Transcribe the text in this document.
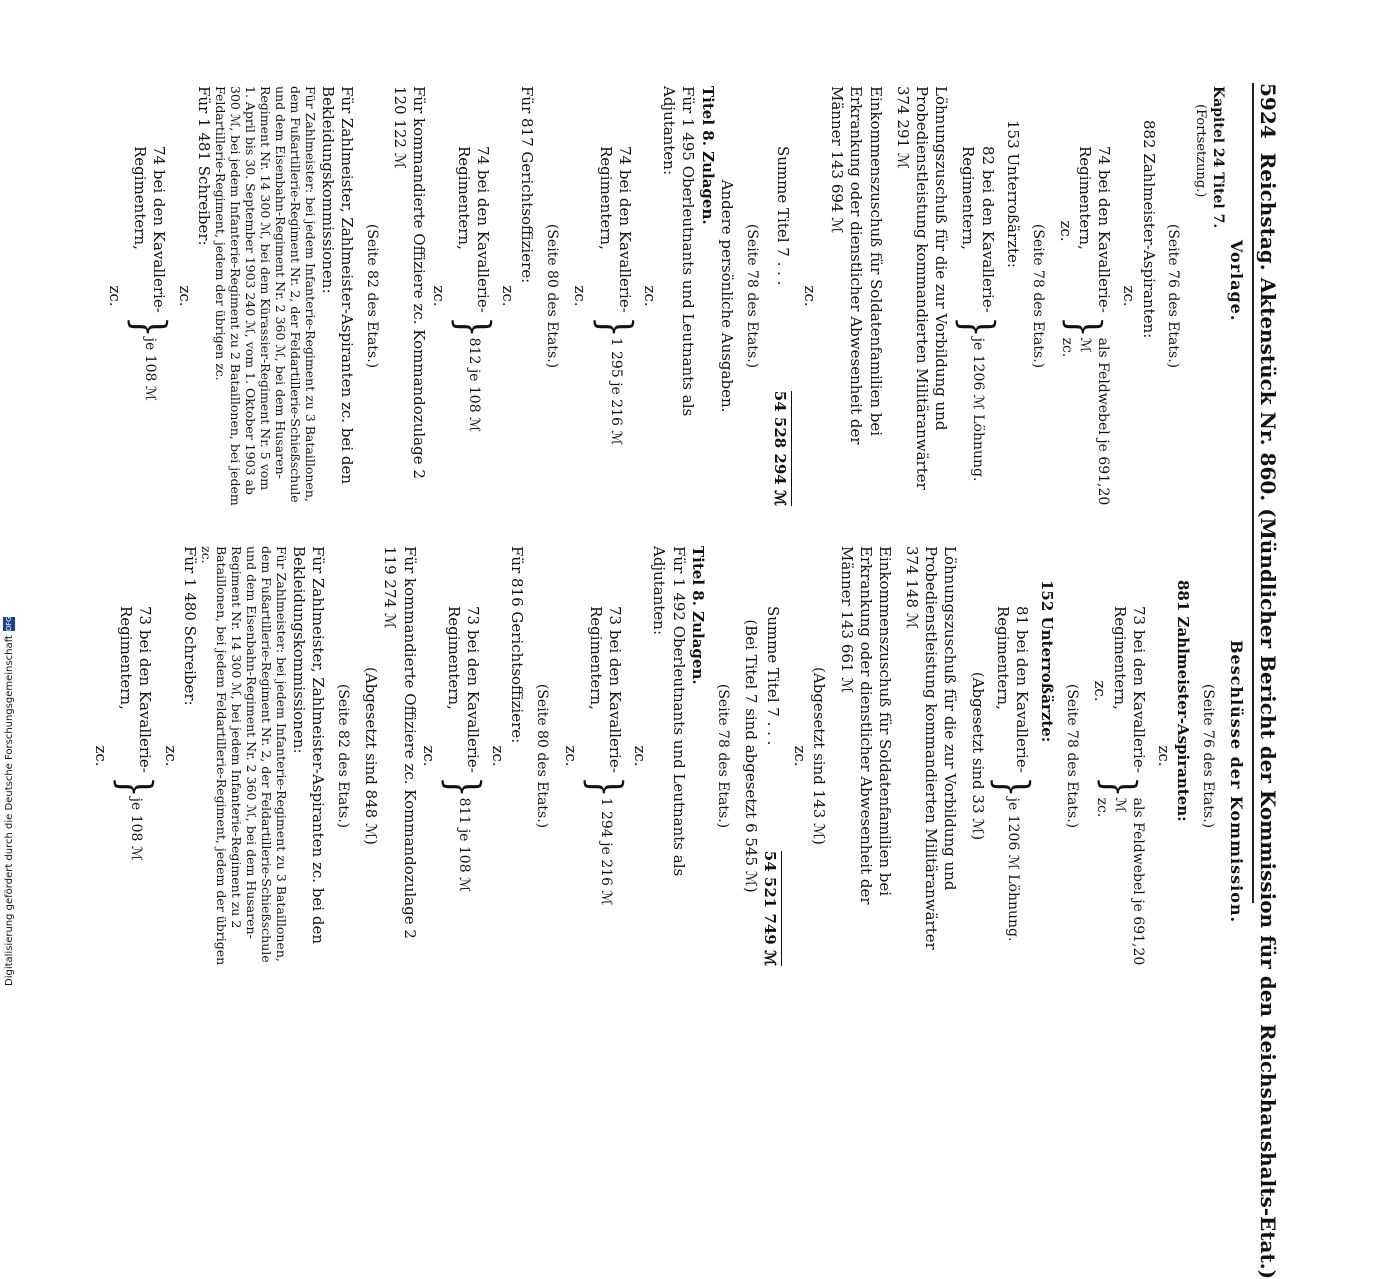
5924
Reichstag. Aktenstück Nr. 860. (Mündlicher Bericht der Kommission für den Reichshaushalts-Etat.)
Vorlage.
Beschlüsse der Kommission.
Kapitel 24 Titel 7.
(Fortsetzung.)
(Seite 76 des Etats.)
882 Zahlmeister-Aspiranten:
zc.
74 bei den Kavallerie-Regimentern,
zc.
}
als Feldwebel je 691,20 ℳ
zc.
(Seite 78 des Etats.)
153 Unterroßärzte:
82 bei den Kavallerie-Regimentern,
}
je 1206 ℳ Löhnung.
Löhnungszuschuß für die zur Vorbildung und Probedienstleistung kommandierten Militäranwärter 374 291 ℳ
Einkommenszuschuß für Soldatenfamilien bei Erkrankung oder dienstlicher Abwesenheit der Männer 143 694 ℳ
zc.
Summe Titel 7 . . .
54 528 294 ℳ
(Seite 78 des Etats.)
Andere persönliche Ausgaben.
Titel 8. Zulagen.
Für 1 495 Oberleutnants und Leutnants als Adjutanten:
zc.
74 bei den Kavallerie-Regimentern,
}
1 295 je 216 ℳ
zc.
(Seite 80 des Etats.)
Für 817 Gerichtsoffiziere:
zc.
74 bei den Kavallerie-Regimentern,
}
812 je 108 ℳ
zc.
Für kommandierte Offiziere zc. Kommandozulage 2 120 122 ℳ
(Seite 82 des Etats.)
Für Zahlmeister, Zahlmeister-Aspiranten zc. bei den Bekleidungskommissionen:
Für Zahlmeister: bei jedem Infanterie-Regiment zu 3 Bataillonen, dem Fußartillerie-Regiment Nr. 2, der Feldartillerie-Schießschule und dem Eisenbahn-Regiment Nr. 2 360 ℳ, bei dem Husaren-Regiment Nr. 14 300 ℳ, bei dem Kürassier-Regiment Nr. 5 vom 1. April bis 30. September 1903 240 ℳ, vom 1. Oktober 1903 ab 300 ℳ, bei jedem Infanterie-Regiment zu 2 Bataillonen, bei jedem Feldartillerie-Regiment, jedem der übrigen zc.
Für 1 481 Schreiber:
zc.
74 bei den Kavallerie-Regimentern,
}
je 108 ℳ
zc.
(Seite 76 des Etats.)
881 Zahlmeister-Aspiranten:
zc.
73 bei den Kavallerie-Regimentern,
zc.
}
als Feldwebel je 691,20 ℳ
zc.
(Seite 78 des Etats.)
152 Unterroßärzte:
81 bei den Kavallerie-Regimentern,
}
je 1206 ℳ Löhnung.
(Abgesetzt sind 33 ℳ)
Löhnungszuschuß für die zur Vorbildung und Probedienstleistung kommandierten Militäranwärter 374 148 ℳ
Einkommenszuschuß für Soldatenfamilien bei Erkrankung oder dienstlicher Abwesenheit der Männer 143 661 ℳ
(Abgesetzt sind 143 ℳ)
zc.
Summe Titel 7 . . .
54 521 749 ℳ
(Bei Titel 7 sind abgesetzt 6 545 ℳ)
(Seite 78 des Etats.)
Titel 8. Zulagen.
Für 1 492 Oberleutnants und Leutnants als Adjutanten:
zc.
73 bei den Kavallerie-Regimentern,
}
1 294 je 216 ℳ
zc.
(Seite 80 des Etats.)
Für 816 Gerichtsoffiziere:
zc.
73 bei den Kavallerie-Regimentern,
}
811 je 108 ℳ
zc.
Für kommandierte Offiziere zc. Kommandozulage 2 119 274 ℳ
(Abgesetzt sind 848 ℳ)
(Seite 82 des Etats.)
Für Zahlmeister, Zahlmeister-Aspiranten zc. bei den Bekleidungskommissionen:
Für Zahlmeister: bei jedem Infanterie-Regiment zu 3 Bataillonen, dem Fußartillerie-Regiment Nr. 2, der Feldartillerie-Schießschule und dem Eisenbahn-Regiment Nr. 2 360 ℳ, bei dem Husaren-Regiment Nr. 14 300 ℳ, bei jedem Infanterie-Regiment zu 2 Bataillonen, bei jedem Feldartillerie-Regiment, jedem der übrigen zc.
Für 1 480 Schreiber:
zc.
73 bei den Kavallerie-Regimentern,
}
je 108 ℳ
zc.
Digitalisierung gefördert durch die Deutsche Forschungsgemeinschaft
DFG
